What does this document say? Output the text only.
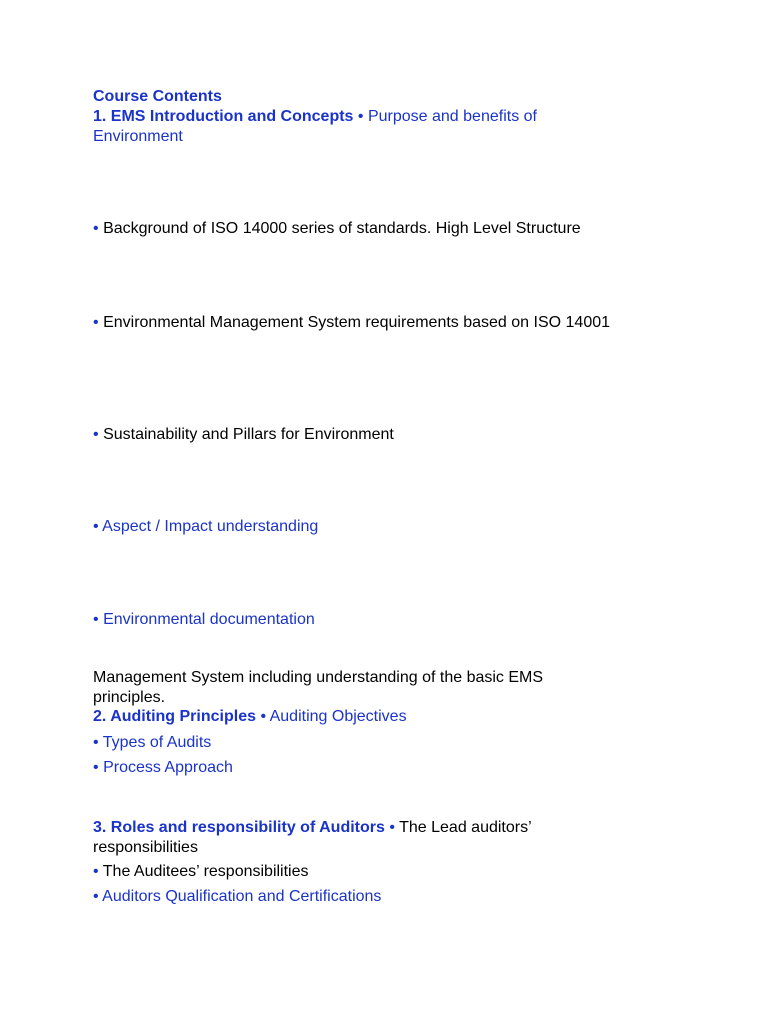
Course Contents

1. EMS Introduction and Concepts • Purpose and benefits of Environment

• Background of ISO 14000 series of standards. High Level Structure

• Environmental Management System requirements based on ISO 14001

• Sustainability and Pillars for Environment

• Aspect / Impact understanding

• Environmental documentation

Management System including understanding of the basic EMS principles.

2. Auditing Principles • Auditing Objectives

• Types of Audits

• Process Approach

3. Roles and responsibility of Auditors • The Lead auditors’ responsibilities

• The Auditees’ responsibilities

• Auditors Qualification and Certifications
